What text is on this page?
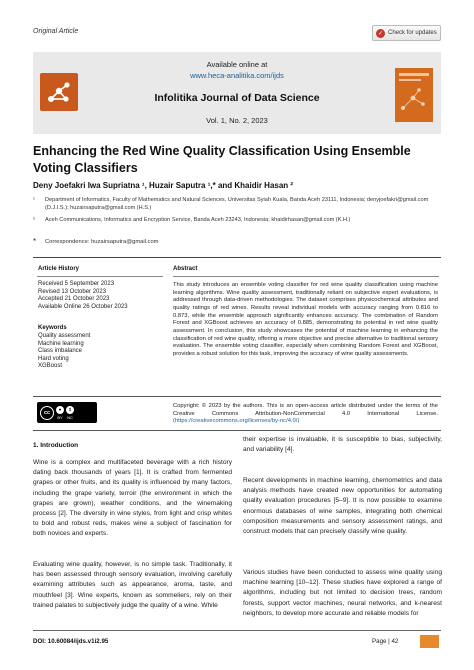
Original Article	✓ Check for updates
Available online at
www.heca-analitika.com/ijds
Infolitika Journal of Data Science
Vol. 1, No. 2, 2023
Enhancing the Red Wine Quality Classification Using Ensemble Voting Classifiers
Deny Joefakri Iwa Supriatna ¹, Huzair Saputra ¹,* and Khaidir Hasan ²
¹ Department of Informatics, Faculty of Mathematics and Natural Sciences, Universitas Syiah Kuala, Banda Aceh 23111, Indonesia; denyjoefakri@gmail.com (D.J.I.S.); huzairsaputra@gmail.com (H.S.)
² Aceh Communications, Informatics and Encryption Service, Banda Aceh 23243, Indonesia; khaidirhasan@gmail.com (K.H.)
* Correspondence: huzairsaputra@gmail.com
Article History
Received 5 September 2023
Revised 13 October 2023
Accepted 21 October 2023
Available Online 26 October 2023
Keywords
Quality assessment
Machine learning
Class imbalance
Hard voting
XGBoost
Abstract
This study introduces an ensemble voting classifier for red wine quality classification using machine learning algorithms. Wine quality assessment, traditionally reliant on subjective expert evaluations, is addressed through data-driven methodologies. The dataset comprises physicochemical attributes and quality ratings of red wines. Results reveal individual models with accuracy ranging from 0.816 to 0.873, while the ensemble approach significantly enhances accuracy. The combination of Random Forest and XGBoost achieves an accuracy of 0.885, demonstrating its potential in red wine quality assessment. In conclusion, this study showcases the potential of machine learning in enhancing the classification of red wine quality, offering a more objective and precise alternative to traditional sensory evaluation. The ensemble voting classifier, especially when combining Random Forest and XGBoost, provides a robust solution for this task, improving the accuracy of wine quality assessments.
cc	●
BY
$
NC
Copyright: © 2023 by the authors. This is an open-access article distributed under the terms of the Creative Commons Attribution-NonCommercial 4.0 International License. (https://creativecommons.org/licenses/by-nc/4.0/)
1. Introduction
Wine is a complex and multifaceted beverage with a rich history dating back thousands of years [1]. It is crafted from fermented grapes or other fruits, and its quality is influenced by many factors, including the grape variety, terroir (the environment in which the grapes are grown), weather conditions, and the winemaking process [2]. The diversity in wine styles, from light and crisp whites to bold and robust reds, makes wine a subject of fascination for both novices and experts.
Evaluating wine quality, however, is no simple task. Traditionally, it has been assessed through sensory evaluation, involving carefully examining attributes such as appearance, aroma, taste, and mouthfeel [3]. Wine experts, known as sommeliers, rely on their trained palates to subjectively judge the quality of a wine. While
their expertise is invaluable, it is susceptible to bias, subjectivity, and variability [4].
Recent developments in machine learning, chemometrics and data analysis methods have created new opportunities for automating quality evaluation procedures [5–9]. It is now possible to examine enormous databases of wine samples, integrating both chemical composition measurements and sensory assessment ratings, and construct models that can precisely classify wine quality.
Various studies have been conducted to assess wine quality using machine learning [10–12]. These studies have explored a range of algorithms, including but not limited to decision trees, random forests, support vector machines, neural networks, and k-nearest neighbors, to develop more accurate and reliable models for
DOI: 10.60084/ijds.v1i2.95	Page | 42
